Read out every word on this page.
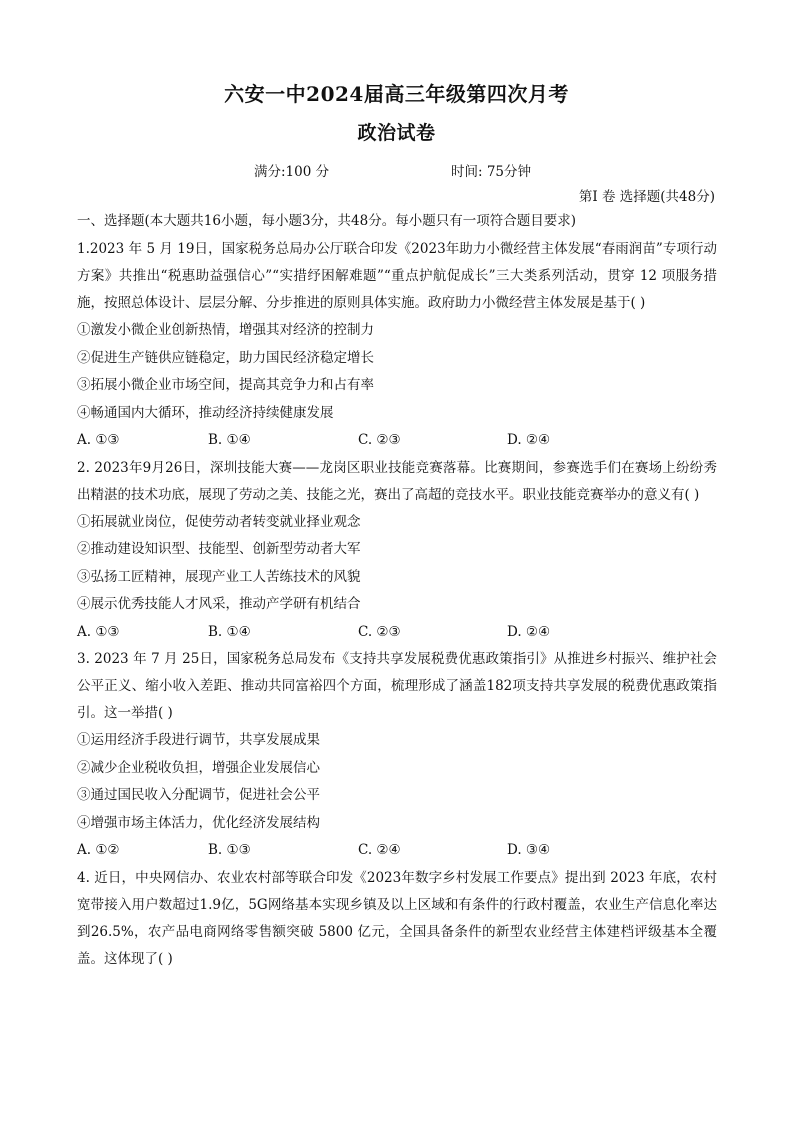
六安一中2024届高三年级第四次月考
政治试卷
满分:100 分	时间: 75分钟
第Ⅰ 卷 选择题(共48分)

一、选择题(本大题共16小题，每小题3分，共48分。每小题只有一项符合题目要求)

1.2023 年 5 月 19日，国家税务总局办公厅联合印发《2023年助力小微经营主体发展“春雨润苗”专项行动方案》共推出“税惠助益强信心”“实措纾困解难题”“重点护航促成长”三大类系列活动，贯穿 12 项服务措施，按照总体设计、层层分解、分步推进的原则具体实施。政府助力小微经营主体发展是基于( )

①激发小微企业创新热情，增强其对经济的控制力

②促进生产链供应链稳定，助力国民经济稳定增长

③拓展小微企业市场空间，提高其竞争力和占有率

④畅通国内大循环，推动经济持续健康发展

A. ①③	B. ①④	C. ②③	D. ②④

2. 2023年9月26日，深圳技能大赛——龙岗区职业技能竞赛落幕。比赛期间，参赛选手们在赛场上纷纷秀出精湛的技术功底，展现了劳动之美、技能之光，赛出了高超的竞技水平。职业技能竞赛举办的意义有( )

①拓展就业岗位，促使劳动者转变就业择业观念

②推动建设知识型、技能型、创新型劳动者大军

③弘扬工匠精神，展现产业工人苦练技术的风貌

④展示优秀技能人才风采，推动产学研有机结合

A. ①③	B. ①④	C. ②③	D. ②④

3. 2023 年 7 月 25日，国家税务总局发布《支持共享发展税费优惠政策指引》从推进乡村振兴、维护社会公平正义、缩小收入差距、推动共同富裕四个方面，梳理形成了涵盖182项支持共享发展的税费优惠政策指引。这一举措( )

①运用经济手段进行调节，共享发展成果

②减少企业税收负担，增强企业发展信心

③通过国民收入分配调节，促进社会公平

④增强市场主体活力，优化经济发展结构

A. ①②	B. ①③	C. ②④	D. ③④

4. 近日，中央网信办、农业农村部等联合印发《2023年数字乡村发展工作要点》提出到 2023 年底，农村宽带接入用户数超过1.9亿，5G网络基本实现乡镇及以上区域和有条件的行政村覆盖，农业生产信息化率达到26.5%，农产品电商网络零售额突破 5800 亿元，全国具备条件的新型农业经营主体建档评级基本全覆盖。这体现了( )
